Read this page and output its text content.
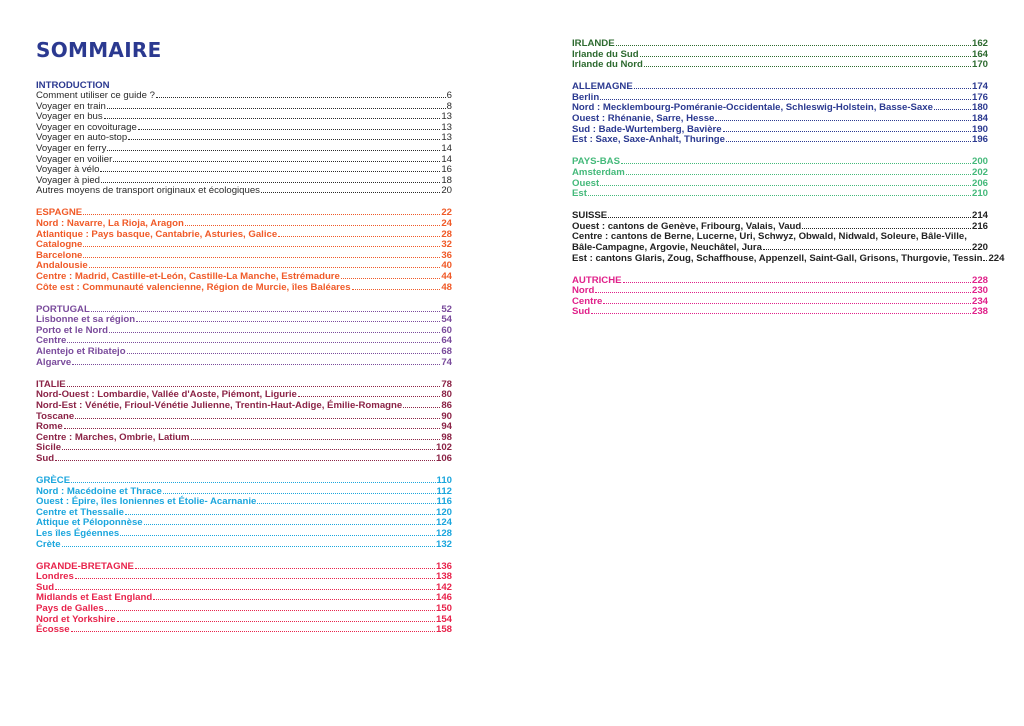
SOMMAIRE
INTRODUCTION
Comment utiliser ce guide ?	6
Voyager en train	8
Voyager en bus	13
Voyager en covoiturage	13
Voyager en auto-stop	13
Voyager en ferry	14
Voyager en voilier	14
Voyager à vélo	16
Voyager à pied	18
Autres moyens de transport originaux et écologiques	20
ESPAGNE	22
Nord : Navarre, La Rioja, Aragon	24
Atlantique : Pays basque, Cantabrie, Asturies, Galice	28
Catalogne	32
Barcelone	36
Andalousie	40
Centre : Madrid, Castille-et-León, Castille-La Manche, Estrémadure	44
Côte est : Communauté valencienne, Région de Murcie, îles Baléares	48
PORTUGAL	52
Lisbonne et sa région	54
Porto et le Nord	60
Centre	64
Alentejo et Ribatejo	68
Algarve	74
ITALIE	78
Nord-Ouest : Lombardie, Vallée d'Aoste, Piémont, Ligurie	80
Nord-Est : Vénétie, Frioul-Vénétie Julienne, Trentin-Haut-Adige, Émilie-Romagne	86
Toscane	90
Rome	94
Centre : Marches, Ombrie, Latium	98
Sicile	102
Sud	106
GRÈCE	110
Nord : Macédoine et Thrace	112
Ouest : Épire, îles Ioniennes et Étolie- Acarnanie	116
Centre et Thessalie	120
Attique et Péloponnèse	124
Les îles Égéennes	128
Crète	132
GRANDE-BRETAGNE	136
Londres	138
Sud	142
Midlands et East England	146
Pays de Galles	150
Nord et Yorkshire	154
Écosse	158
IRLANDE	162
Irlande du Sud	164
Irlande du Nord	170
ALLEMAGNE	174
Berlin	176
Nord : Mecklembourg-Poméranie-Occidentale, Schleswig-Holstein, Basse-Saxe	180
Ouest : Rhénanie, Sarre, Hesse	184
Sud : Bade-Wurtemberg, Bavière	190
Est : Saxe, Saxe-Anhalt, Thuringe	196
PAYS-BAS	200
Amsterdam	202
Ouest	206
Est	210
SUISSE	214
Ouest : cantons de Genève, Fribourg, Valais, Vaud	216
Centre : cantons de Berne, Lucerne, Uri, Schwyz, Obwald, Nidwald, Soleure, Bâle-Ville,
Bâle-Campagne, Argovie, Neuchâtel, Jura	220
Est : cantons Glaris, Zoug, Schaffhouse, Appenzell, Saint-Gall, Grisons, Thurgovie, Tessin 224
AUTRICHE	228
Nord	230
Centre	234
Sud	238
